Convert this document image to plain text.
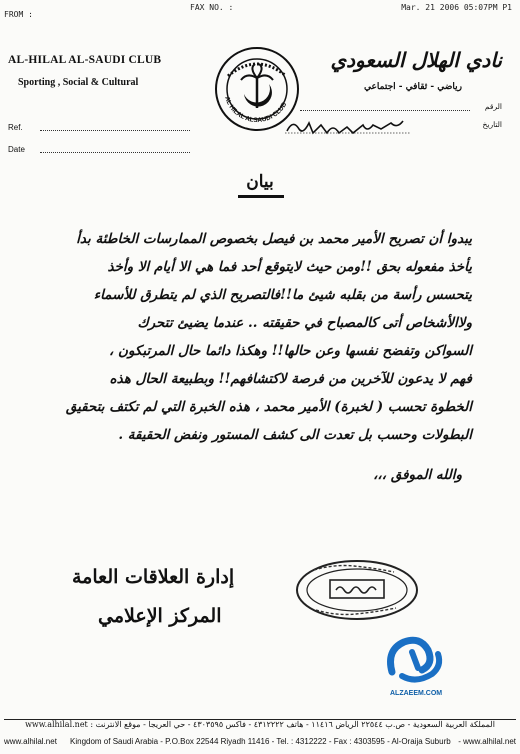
FROM :
FAX NO. :	Mar. 21 2006 05:07PM P1
AL-HILAL AL-SAUDI CLUB
Sporting , Social & Cultural
Ref.
Date
AL HILAL ALSAUDI CLUB
نادي الهلال السعودي
رياضي - ثقافي - اجتماعي
الرقم
التاريخ
بيان
يبدوا أن تصريح الأمير محمد بن فيصل بخصوص الممارسات الخاطئة بدأ
يأخذ مفعوله بحق !!ومن حيث لايتوقع أحد فما هي الا أيام الا وأخذ
يتحسس رأسة من بقلبه شيئ ما!!فالتصريح الذي لم يتطرق للأسماء
ولاالأشخاص أتى كالمصباح في حقيقته .. عندما يضيئ تتحرك
السواكن وتفضح نفسها وعن حالها!! وهكذا دائما حال المرتبكون ،
فهم لا يدعون للآخرين من فرصة لاكتشافهم!! وبطبيعة الحال هذه
الخطوة تحسب ( لخبرة) الأمير محمد ، هذه الخبرة التي لم تكتف بتحقيق
البطولات وحسب بل تعدت الى كشف المستور ونفض الحقيقة .
والله الموفق ،،،
إدارة العلاقات العامة
المركز الإعلامي
ALZAEEM.COM
المملكة العربية السعودية - ص.ب ٢٢٥٤٤ الرياض ١١٤١٦ - هاتف ٤٣١٢٢٢٢ - فاكس ٤٣٠٣٥٩٥ - حي العريجا - موقع الانترنت : www.alhilal.net
www.alhilal.net Kingdom of Saudi Arabia - P.O.Box 22544 Riyadh 11416 - Tel. : 4312222 - Fax : 4303595 - Al-Oraija Suburb - www.alhilal.net
